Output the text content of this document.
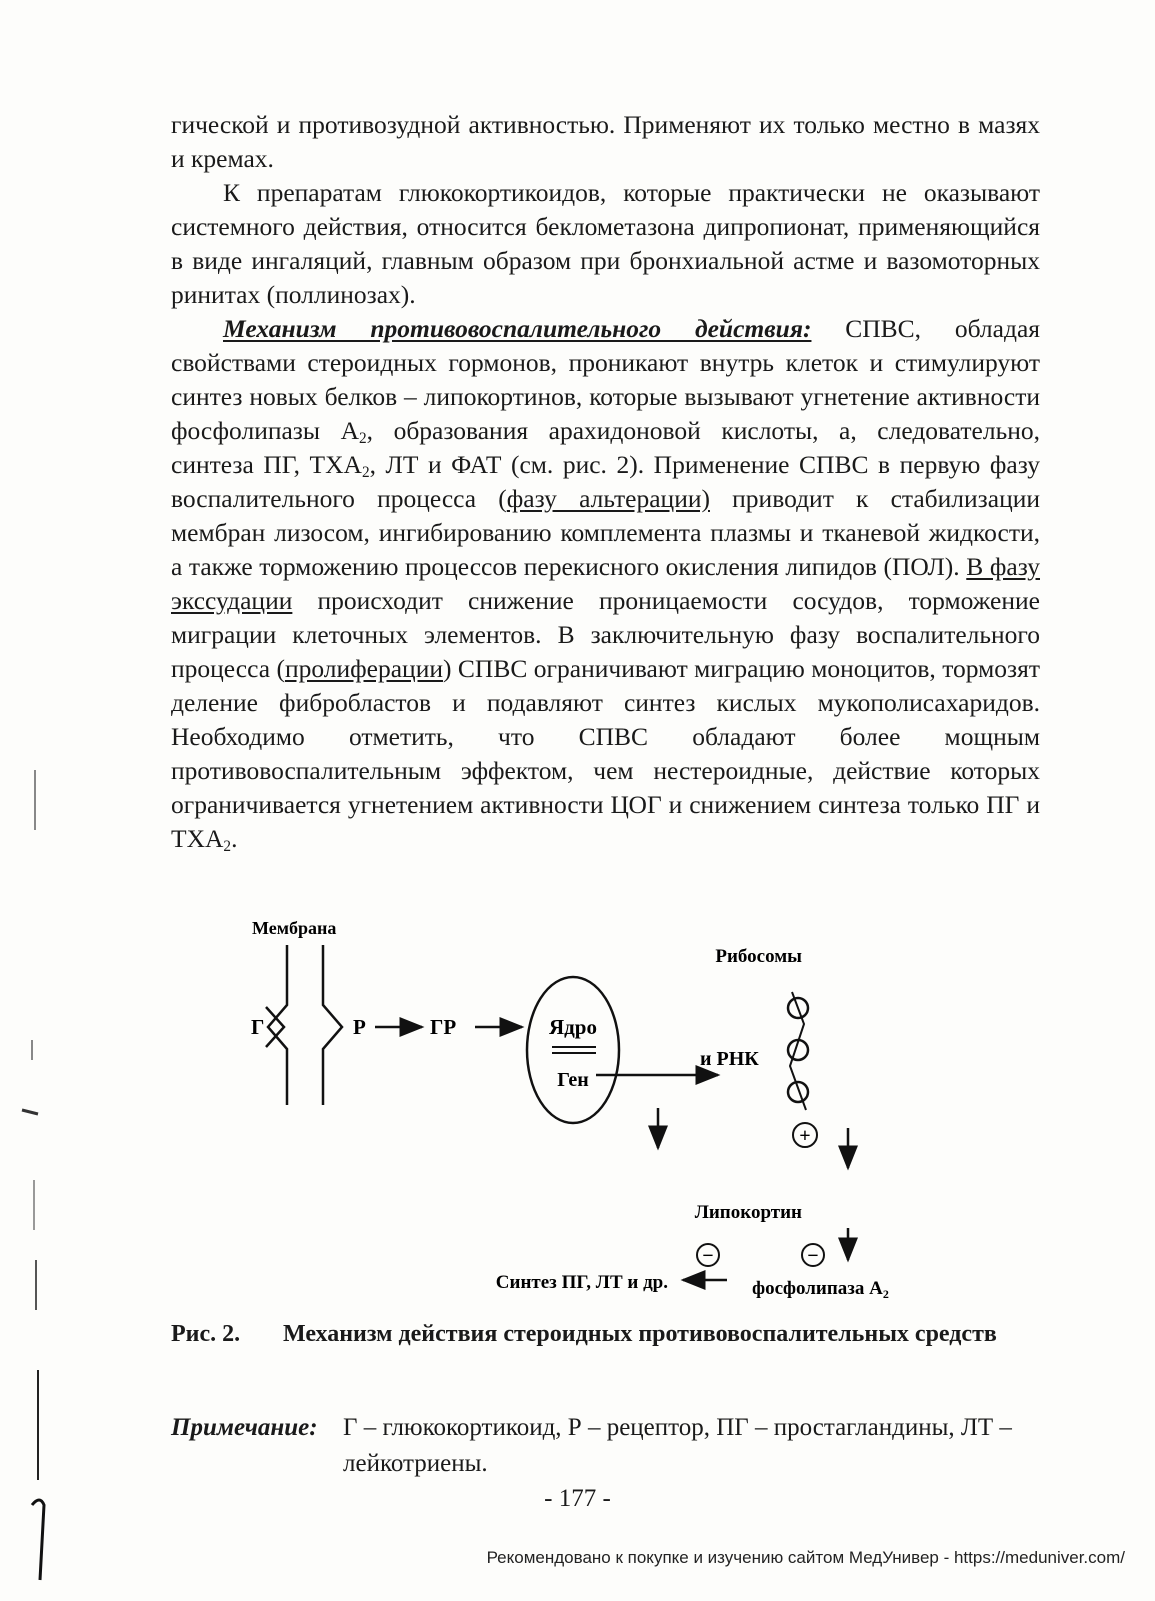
гической и противозудной активностью. Применяют их только местно в мазях и кремах.

К препаратам глюкокортикоидов, которые практически не оказывают системного действия, относится беклометазона дипропионат, применяющийся в виде ингаляций, главным образом при бронхиальной астме и вазомоторных ринитах (поллинозах).

Механизм противовоспалительного действия: СПВС, обладая свойствами стероидных гормонов, проникают внутрь клеток и стимулируют синтез новых белков – липокортинов, которые вызывают угнетение активности фосфолипазы $А_2$, образования арахидоновой кислоты, а, следовательно, синтеза ПГ, $ТХА_2$, ЛТ и ФАТ (см. рис. 2). Применение СПВС в первую фазу воспалительного процесса (фазу альтерации) приводит к стабилизации мембран лизосом, ингибированию комплемента плазмы и тканевой жидкости, а также торможению процессов перекисного окисления липидов (ПОЛ). В фазу экссудации происходит снижение проницаемости сосудов, торможение миграции клеточных элементов. В заключительную фазу воспалительного процесса (пролиферации) СПВС ограничивают миграцию моноцитов, тормозят деление фибробластов и подавляют синтез кислых мукополисахаридов. Необходимо отметить, что СПВС обладают более мощным противовоспалительным эффектом, чем нестероидные, действие которых ограничивается угнетением активности ЦОГ и снижением синтеза только ПГ и $ТХА_2$.

Мембрана
Г	Р	ГР	Ядро
Ген
и РНК
Рибосомы
+
Липокортин
−
−
Синтез ПГ, ЛТ и др.	фосфолипаза $А_2$
Рис. 2. Механизм действия стероидных противовоспалительных средств
Примечание: Г – глюкокортикоид, Р – рецептор, ПГ – простагландины, ЛТ – лейкотриены.
- 177 -
Рекомендовано к покупке и изучению сайтом МедУнивер - https://meduniver.com/
